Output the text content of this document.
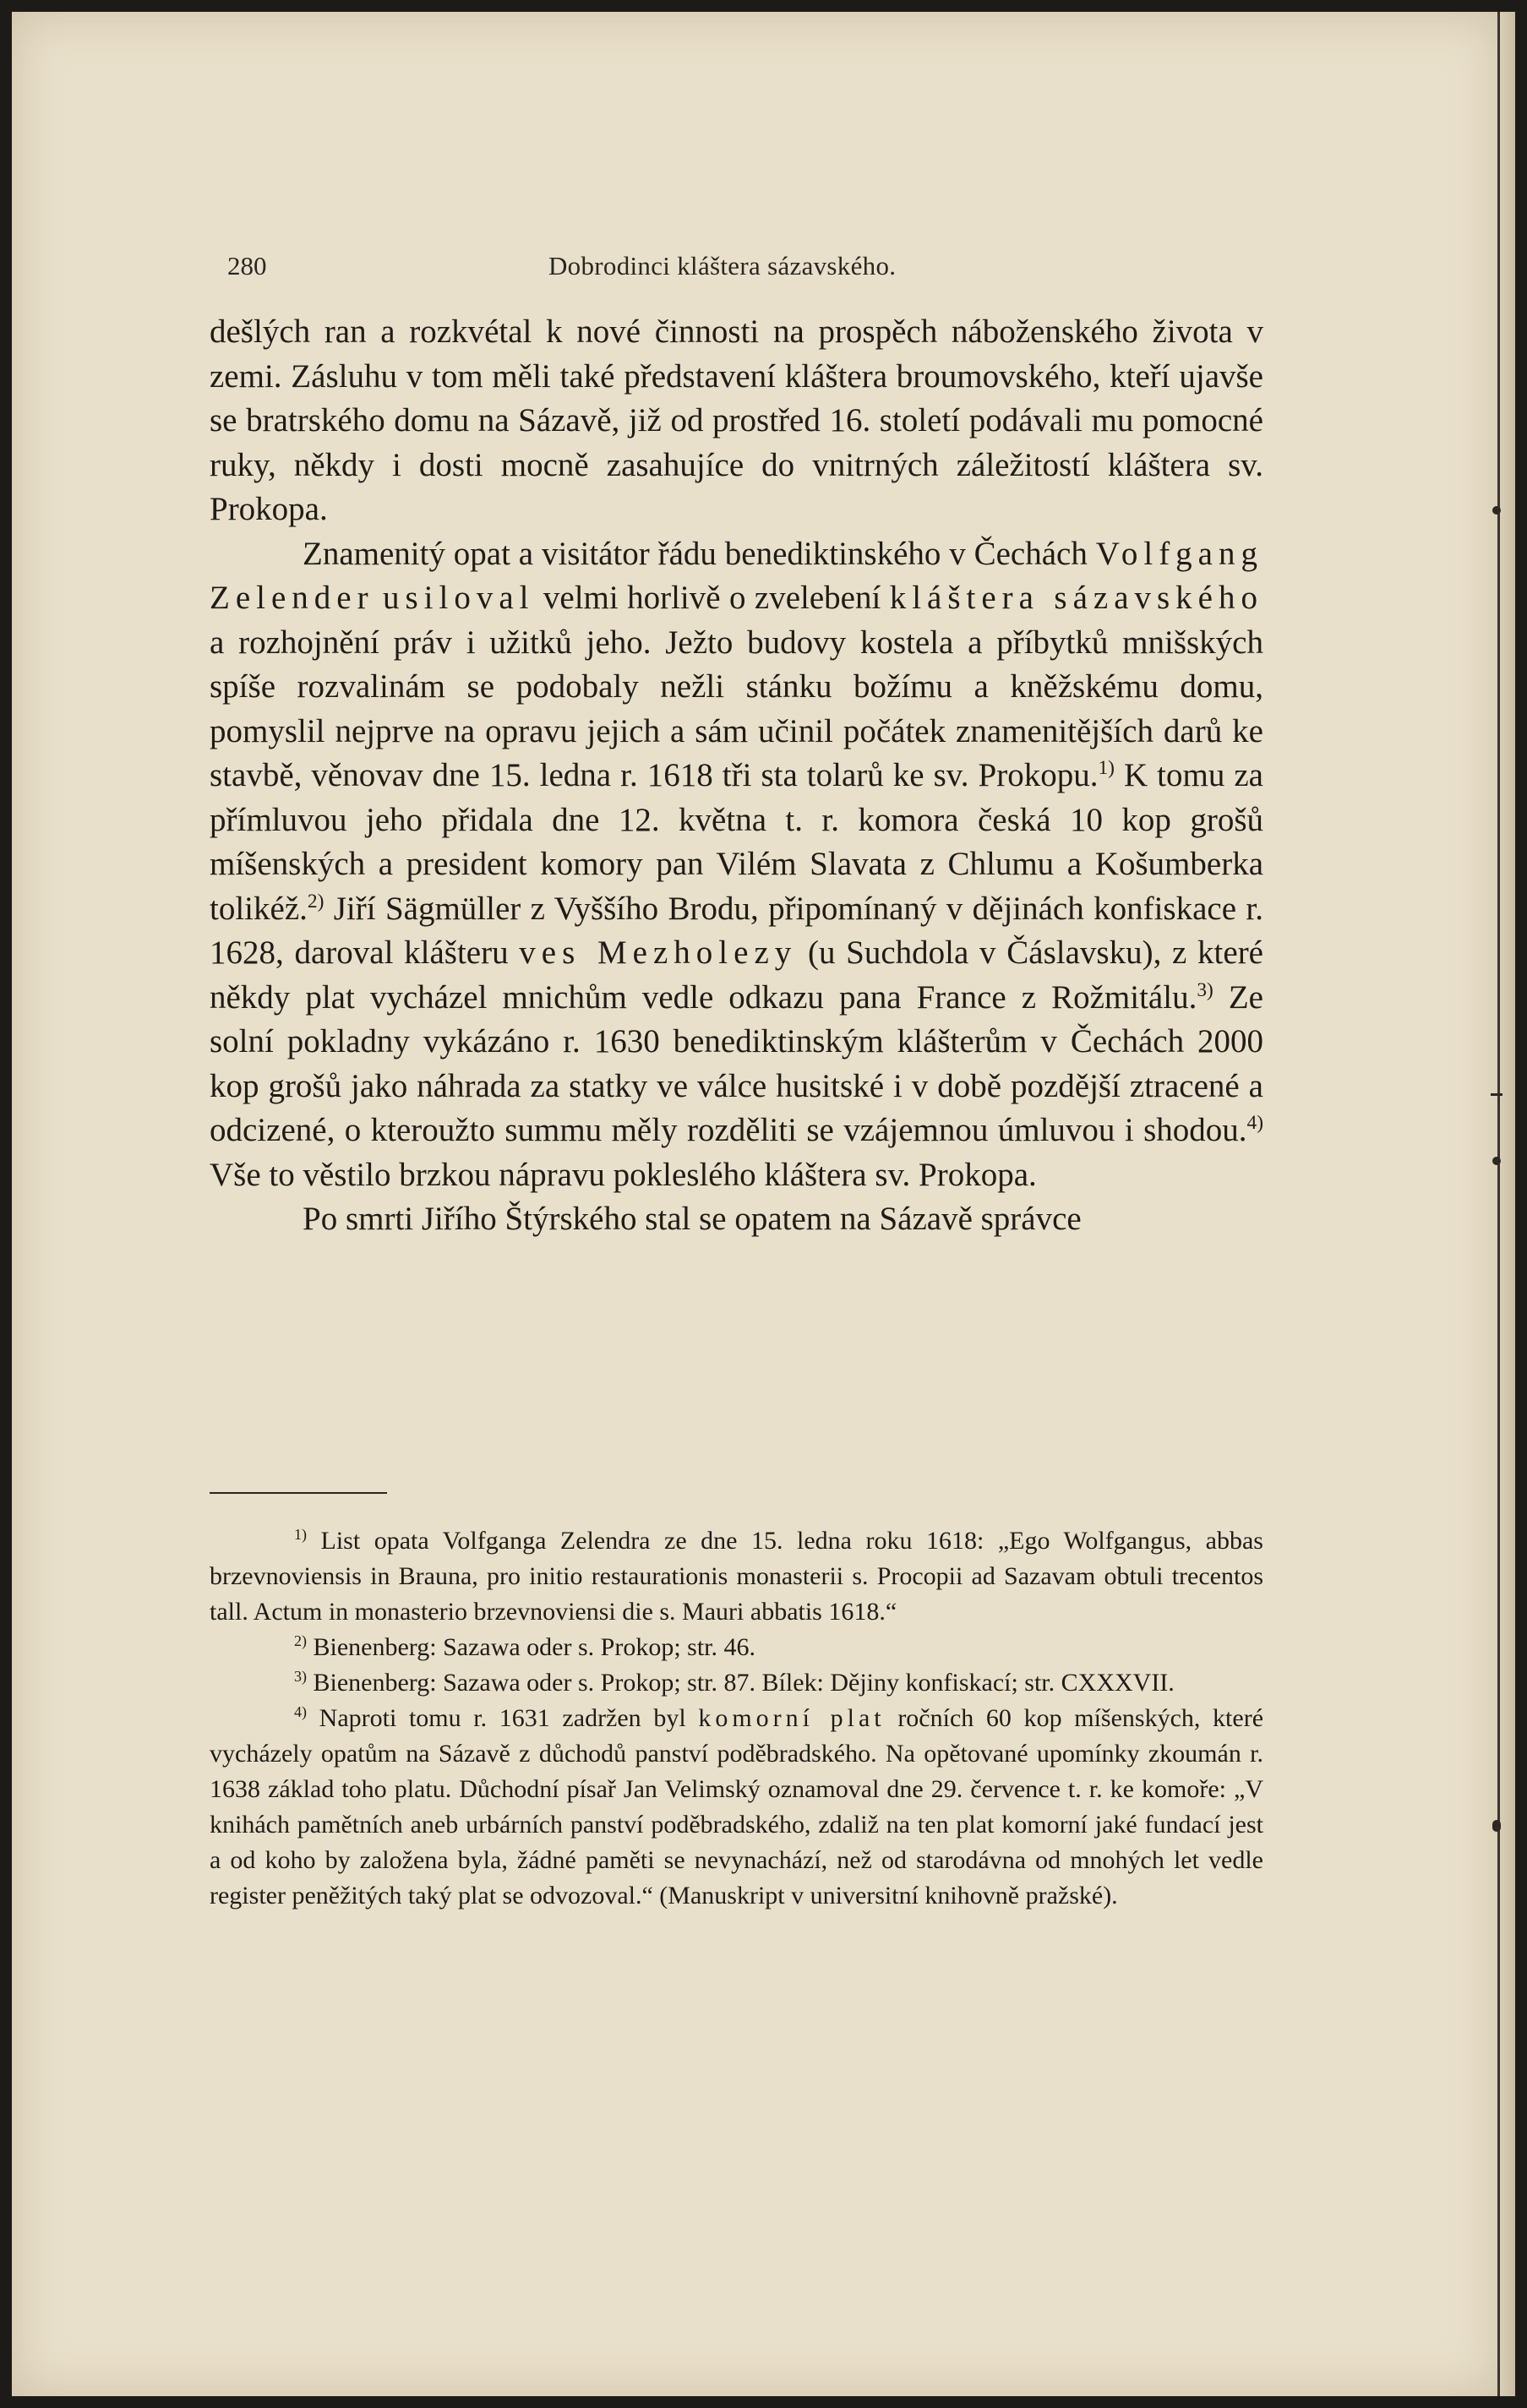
280	Dobrodinci kláštera sázavského.

dešlých ran a rozkvétal k nové činnosti na prospěch náboženského života v zemi. Zásluhu v tom měli také představení kláštera broumovského, kteří ujavše se bratrského domu na Sázavě, již od prostřed 16. století podávali mu pomocné ruky, někdy i dosti mocně zasahujíce do vnitrných záležitostí kláštera sv. Prokopa.

Znamenitý opat a visitátor řádu benediktinského v Čechách Volfgang Zelender usiloval velmi horlivě o zvelebení kláštera sázavského a rozhojnění práv i užitků jeho. Ježto budovy kostela a příbytků mnišských spíše rozvalinám se podobaly nežli stánku božímu a kněžskému domu, pomyslil nejprve na opravu jejich a sám učinil počátek znamenitějších darů ke stavbě, věnovav dne 15. ledna r. 1618 tři sta tolarů ke sv. Prokopu.$^{1)}$ K tomu za přímluvou jeho přidala dne 12. května t. r. komora česká 10 kop grošů míšenských a president komory pan Vilém Slavata z Chlumu a Košumberka tolikéž.$^{2)}$ Jiří Sägmüller z Vyššího Brodu, připomínaný v dějinách konfiskace r. 1628, daroval klášteru ves Mezholezy (u Suchdola v Čáslavsku), z které někdy plat vycházel mnichům vedle odkazu pana France z Rožmitálu.$^{3)}$ Ze solní pokladny vykázáno r. 1630 benediktinským klášterům v Čechách 2000 kop grošů jako náhrada za statky ve válce husitské i v době pozdější ztracené a odcizené, o kteroužto summu měly rozděliti se vzájemnou úmluvou i shodou.$^{4)}$ Vše to věstilo brzkou nápravu pokleslého kláštera sv. Prokopa.

Po smrti Jiřího Štýrského stal se opatem na Sázavě správce

$^{1)}$ List opata Volfganga Zelendra ze dne 15. ledna roku 1618: „Ego Wolfgangus, abbas brzevnoviensis in Brauna, pro initio restaurationis monasterii s. Procopii ad Sazavam obtuli trecentos tall. Actum in monasterio brzevnoviensi die s. Mauri abbatis 1618.“

$^{2)}$ Bienenberg: Sazawa oder s. Prokop; str. 46.

$^{3)}$ Bienenberg: Sazawa oder s. Prokop; str. 87. Bílek: Dějiny konfiskací; str. CXXXVII.

$^{4)}$ Naproti tomu r. 1631 zadržen byl komorní plat ročních 60 kop míšenských, které vycházely opatům na Sázavě z důchodů panství poděbradského. Na opětované upomínky zkoumán r. 1638 základ toho platu. Důchodní písař Jan Velimský oznamoval dne 29. července t. r. ke komoře: „V knihách pamětních aneb urbárních panství poděbradského, zdaliž na ten plat komorní jaké fundací jest a od koho by založena byla, žádné paměti se nevynachází, než od starodávna od mnohých let vedle register peněžitých taký plat se odvozoval.“ (Manuskript v universitní knihovně pražské).
